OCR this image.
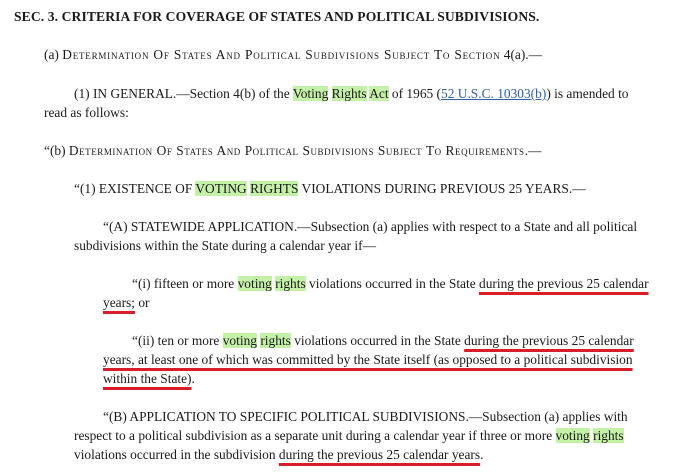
SEC. 3. CRITERIA FOR COVERAGE OF STATES AND POLITICAL SUBDIVISIONS.
(a) Determination Of States And Political Subdivisions Subject To Section 4(a).—
(1) IN GENERAL.—Section 4(b) of the Voting Rights Act of 1965 (52 U.S.C. 10303(b)) is amended to
read as follows:
“(b) Determination Of States And Political Subdivisions Subject To Requirements.—
“(1) EXISTENCE OF VOTING RIGHTS VIOLATIONS DURING PREVIOUS 25 YEARS.—
“(A) STATEWIDE APPLICATION.—Subsection (a) applies with respect to a State and all political
subdivisions within the State during a calendar year if—
“(i) fifteen or more voting rights violations occurred in the State during the previous 25 calendar
years; or
“(ii) ten or more voting rights violations occurred in the State during the previous 25 calendar
years, at least one of which was committed by the State itself (as opposed to a political subdivision
within the State).
“(B) APPLICATION TO SPECIFIC POLITICAL SUBDIVISIONS.—Subsection (a) applies with
respect to a political subdivision as a separate unit during a calendar year if three or more voting rights
violations occurred in the subdivision during the previous 25 calendar years.
